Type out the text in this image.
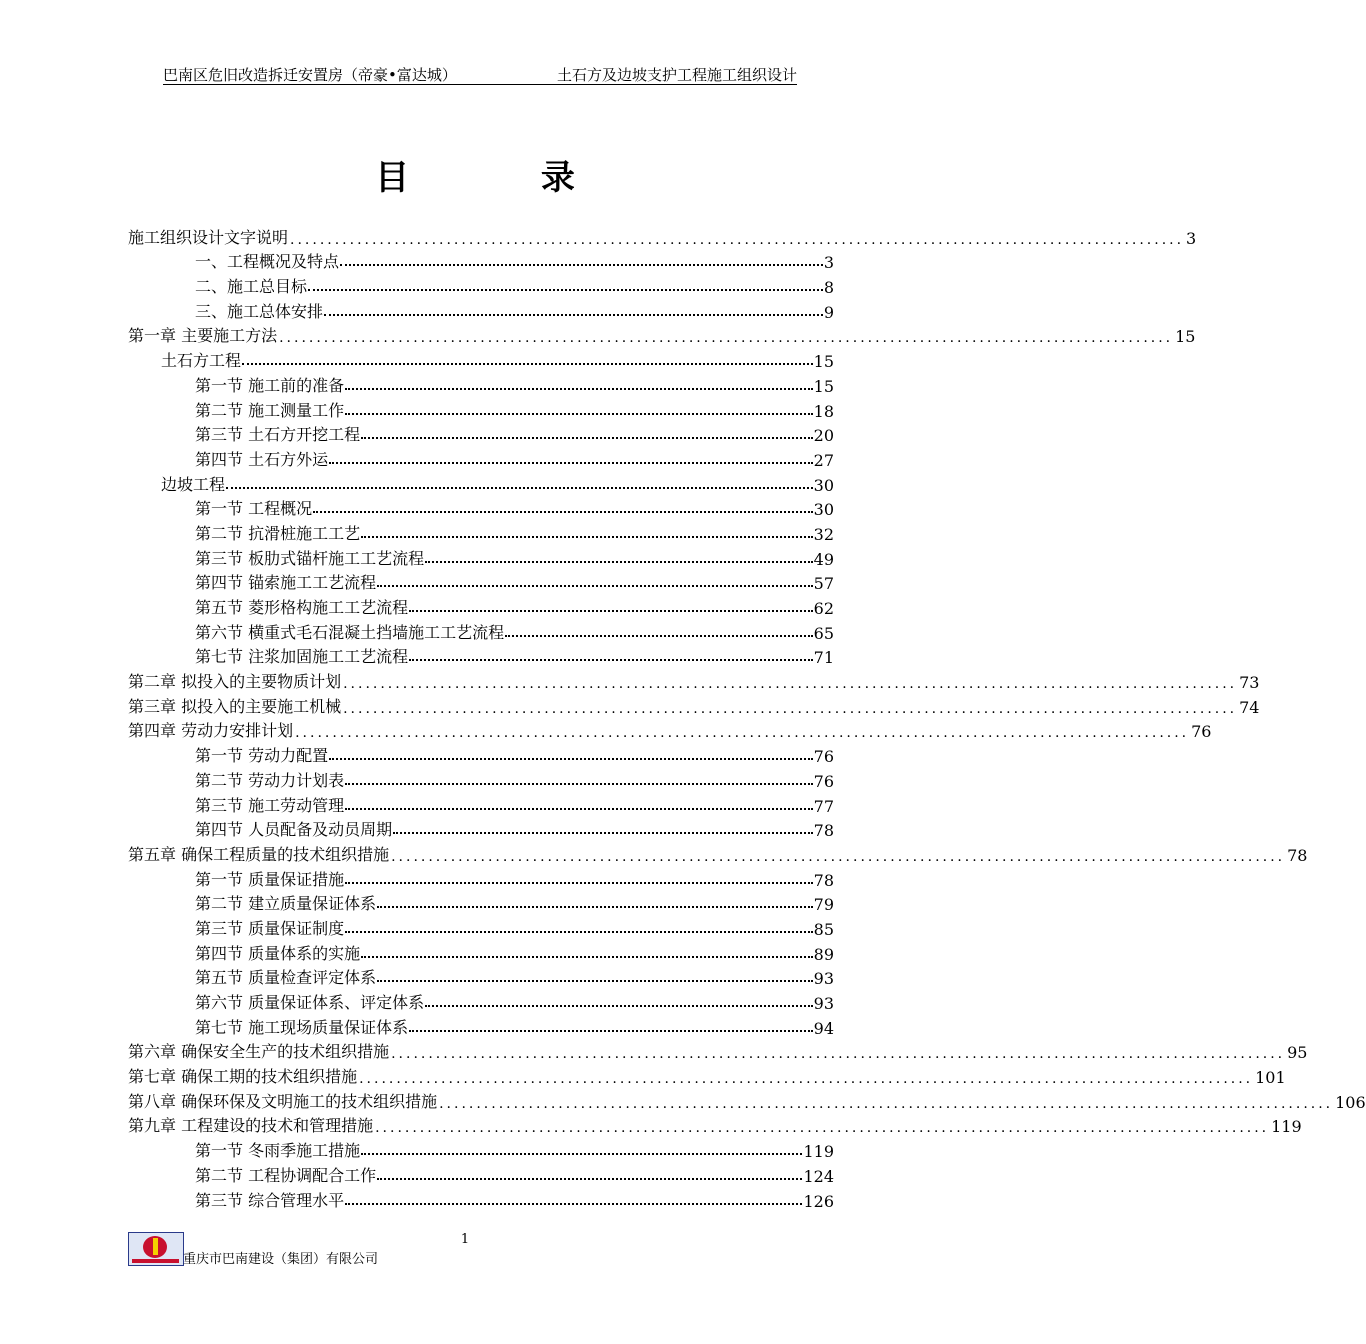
巴南区危旧改造拆迁安置房（帝豪•富达城）	土石方及边坡支护工程施工组织设计
目 录
施工组织设计文字说明 ........................................................................................................................ 3
一、工程概况及特点	3
二、施工总目标	8
三、施工总体安排	9
第一章 主要施工方法 ........................................................................................................................ 15
土石方工程	15
第一节 施工前的准备	15
第二节 施工测量工作	18
第三节 土石方开挖工程	20
第四节 土石方外运	27
边坡工程	30
第一节 工程概况	30
第二节 抗滑桩施工工艺	32
第三节 板肋式锚杆施工工艺流程	49
第四节 锚索施工工艺流程	57
第五节 菱形格构施工工艺流程	62
第六节 横重式毛石混凝土挡墙施工工艺流程	65
第七节 注浆加固施工工艺流程	71
第二章 拟投入的主要物质计划 ........................................................................................................................ 73
第三章 拟投入的主要施工机械 ........................................................................................................................ 74
第四章 劳动力安排计划 ........................................................................................................................ 76
第一节 劳动力配置	76
第二节 劳动力计划表	76
第三节 施工劳动管理	77
第四节 人员配备及动员周期	78
第五章 确保工程质量的技术组织措施 ........................................................................................................................ 78
第一节 质量保证措施	78
第二节 建立质量保证体系	79
第三节 质量保证制度	85
第四节 质量体系的实施	89
第五节 质量检查评定体系	93
第六节 质量保证体系、评定体系	93
第七节 施工现场质量保证体系	94
第六章 确保安全生产的技术组织措施 ........................................................................................................................ 95
第七章 确保工期的技术组织措施 ........................................................................................................................ 101
第八章 确保环保及文明施工的技术组织措施 ........................................................................................................................ 106
第九章 工程建设的技术和管理措施 ........................................................................................................................ 119
第一节 冬雨季施工措施	119
第二节 工程协调配合工作	124
第三节 综合管理水平	126
1
重庆市巴南建设（集团）有限公司
